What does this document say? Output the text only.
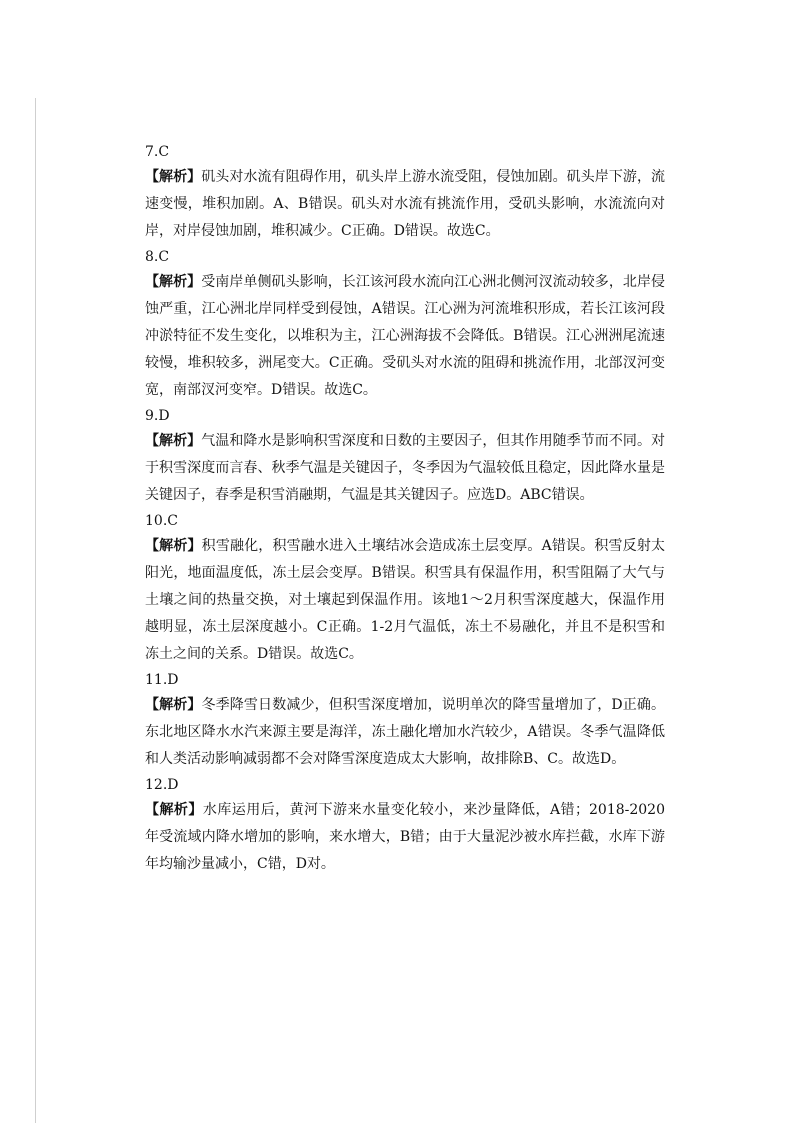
7.C

【解析】矶头对水流有阻碍作用，矶头岸上游水流受阻，侵蚀加剧。矶头岸下游，流速变慢，堆积加剧。A、B错误。矶头对水流有挑流作用，受矶头影响，水流流向对岸，对岸侵蚀加剧，堆积减少。C正确。D错误。故选C。

8.C

【解析】受南岸单侧矶头影响，长江该河段水流向江心洲北侧河汊流动较多，北岸侵蚀严重，江心洲北岸同样受到侵蚀，A错误。江心洲为河流堆积形成，若长江该河段冲淤特征不发生变化，以堆积为主，江心洲海拔不会降低。B错误。江心洲洲尾流速较慢，堆积较多，洲尾变大。C正确。受矶头对水流的阻碍和挑流作用，北部汊河变宽，南部汊河变窄。D错误。故选C。

9.D

【解析】气温和降水是影响积雪深度和日数的主要因子，但其作用随季节而不同。对于积雪深度而言春、秋季气温是关键因子，冬季因为气温较低且稳定，因此降水量是关键因子，春季是积雪消融期，气温是其关键因子。应选D。ABC错误。

10.C

【解析】积雪融化，积雪融水进入土壤结冰会造成冻土层变厚。A错误。积雪反射太阳光，地面温度低，冻土层会变厚。B错误。积雪具有保温作用，积雪阻隔了大气与土壤之间的热量交换，对土壤起到保温作用。该地1～2月积雪深度越大，保温作用越明显，冻土层深度越小。C正确。1-2月气温低，冻土不易融化，并且不是积雪和冻土之间的关系。D错误。故选C。

11.D

【解析】冬季降雪日数减少，但积雪深度增加，说明单次的降雪量增加了，D正确。东北地区降水水汽来源主要是海洋，冻土融化增加水汽较少，A错误。冬季气温降低和人类活动影响减弱都不会对降雪深度造成太大影响，故排除B、C。故选D。

12.D

【解析】水库运用后，黄河下游来水量变化较小，来沙量降低，A错；2018-2020年受流域内降水增加的影响，来水增大，B错；由于大量泥沙被水库拦截，水库下游年均输沙量减小，C错，D对。
